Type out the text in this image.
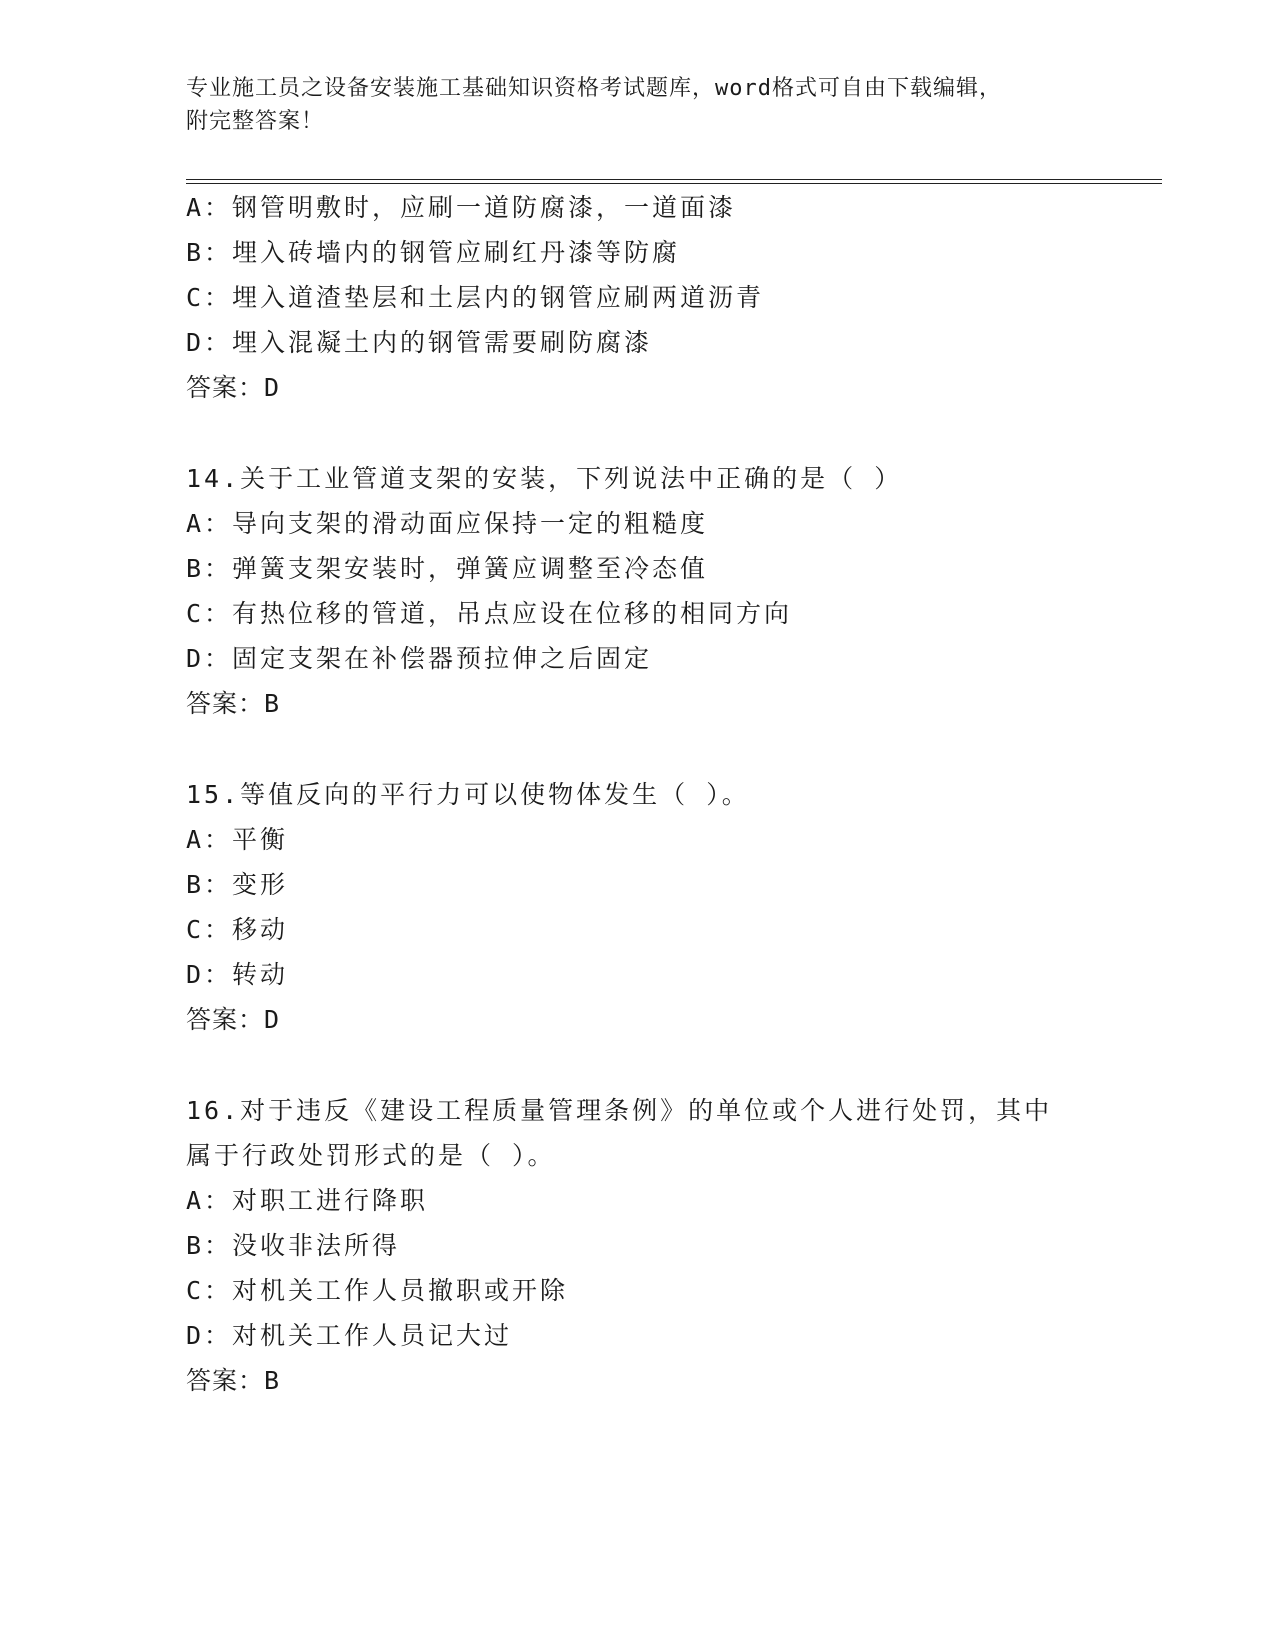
专业施工员之设备安装施工基础知识资格考试题库，word格式可自由下载编辑，
附完整答案！
A：钢管明敷时，应刷一道防腐漆，一道面漆
B：埋入砖墙内的钢管应刷红丹漆等防腐
C：埋入道渣垫层和土层内的钢管应刷两道沥青
D：埋入混凝土内的钢管需要刷防腐漆
答案：D
14.关于工业管道支架的安装，下列说法中正确的是（ ）
A：导向支架的滑动面应保持一定的粗糙度
B：弹簧支架安装时，弹簧应调整至冷态值
C：有热位移的管道，吊点应设在位移的相同方向
D：固定支架在补偿器预拉伸之后固定
答案：B
15.等值反向的平行力可以使物体发生（ ）。
A：平衡
B：变形
C：移动
D：转动
答案：D
16.对于违反《建设工程质量管理条例》的单位或个人进行处罚，其中
属于行政处罚形式的是（ ）。
A：对职工进行降职
B：没收非法所得
C：对机关工作人员撤职或开除
D：对机关工作人员记大过
答案：B
